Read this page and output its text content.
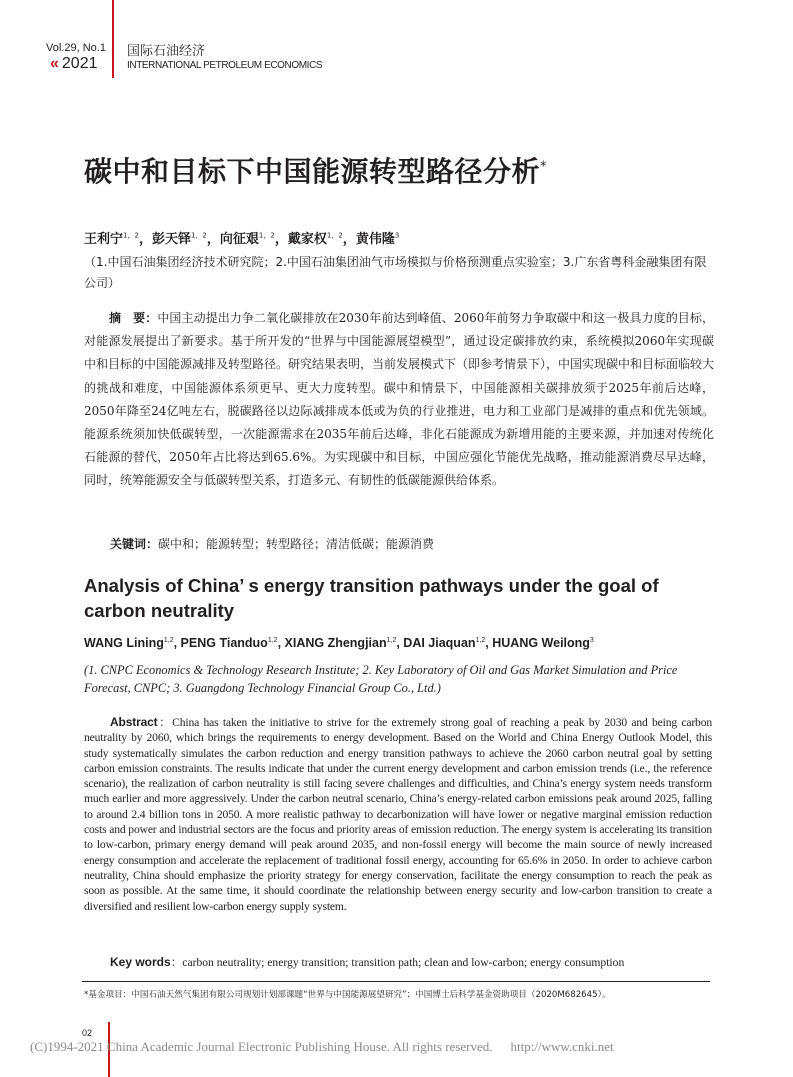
Vol.29, No.1
« 2021
国际石油经济
INTERNATIONAL PETROLEUM ECONOMICS
碳中和目标下中国能源转型路径分析*
王利宁$^{1,2}$，彭天铎$^{1,2}$，向征艰$^{1,2}$，戴家权$^{1,2}$，黄伟隆$^3$
（1.中国石油集团经济技术研究院；2.中国石油集团油气市场模拟与价格预测重点实验室；3.广东省粤科金融集团有限公司）
摘　要：中国主动提出力争二氧化碳排放在2030年前达到峰值、2060年前努力争取碳中和这一极具力度的目标，对能源发展提出了新要求。基于所开发的“世界与中国能源展望模型”，通过设定碳排放约束，系统模拟2060年实现碳中和目标的中国能源减排及转型路径。研究结果表明，当前发展模式下（即参考情景下），中国实现碳中和目标面临较大的挑战和难度，中国能源体系须更早、更大力度转型。碳中和情景下，中国能源相关碳排放须于2025年前后达峰，2050年降至24亿吨左右，脱碳路径以边际减排成本低或为负的行业推进，电力和工业部门是减排的重点和优先领域。能源系统须加快低碳转型，一次能源需求在2035年前后达峰，非化石能源成为新增用能的主要来源，并加速对传统化石能源的替代，2050年占比将达到65.6%。为实现碳中和目标，中国应强化节能优先战略，推动能源消费尽早达峰，同时，统筹能源安全与低碳转型关系，打造多元、有韧性的低碳能源供给体系。
关键词：碳中和；能源转型；转型路径；清洁低碳；能源消费
Analysis of China’ s energy transition pathways under the goal of carbon neutrality
WANG Lining$^{1,2}$, PENG Tianduo$^{1,2}$, XIANG Zhengjian$^{1,2}$, DAI Jiaquan$^{1,2}$, HUANG Weilong$^3$
(1. CNPC Economics & Technology Research Institute; 2. Key Laboratory of Oil and Gas Market Simulation and Price Forecast, CNPC; 3. Guangdong Technology Financial Group Co., Ltd.)
Abstract：China has taken the initiative to strive for the extremely strong goal of reaching a peak by 2030 and being carbon neutrality by 2060, which brings the requirements to energy development. Based on the World and China Energy Outlook Model, this study systematically simulates the carbon reduction and energy transition pathways to achieve the 2060 carbon neutral goal by setting carbon emission constraints. The results indicate that under the current energy development and carbon emission trends (i.e., the reference scenario), the realization of carbon neutrality is still facing severe challenges and difficulties, and China’s energy system needs transform much earlier and more aggressively. Under the carbon neutral scenario, China’s energy-related carbon emissions peak around 2025, falling to around 2.4 billion tons in 2050. A more realistic pathway to decarbonization will have lower or negative marginal emission reduction costs and power and industrial sectors are the focus and priority areas of emission reduction. The energy system is accelerating its transition to low-carbon, primary energy demand will peak around 2035, and non-fossil energy will become the main source of newly increased energy consumption and accelerate the replacement of traditional fossil energy, accounting for 65.6% in 2050. In order to achieve carbon neutrality, China should emphasize the priority strategy for energy conservation, facilitate the energy consumption to reach the peak as soon as possible. At the same time, it should coordinate the relationship between energy security and low-carbon transition to create a diversified and resilient low-carbon energy supply system.
Key words：carbon neutrality; energy transition; transition path; clean and low-carbon; energy consumption
*基金项目：中国石油天然气集团有限公司规划计划部课题“世界与中国能源展望研究”；中国博士后科学基金资助项目（2020M682645）。
02
(C)1994-2021 China Academic Journal Electronic Publishing House. All rights reserved. http://www.cnki.net
